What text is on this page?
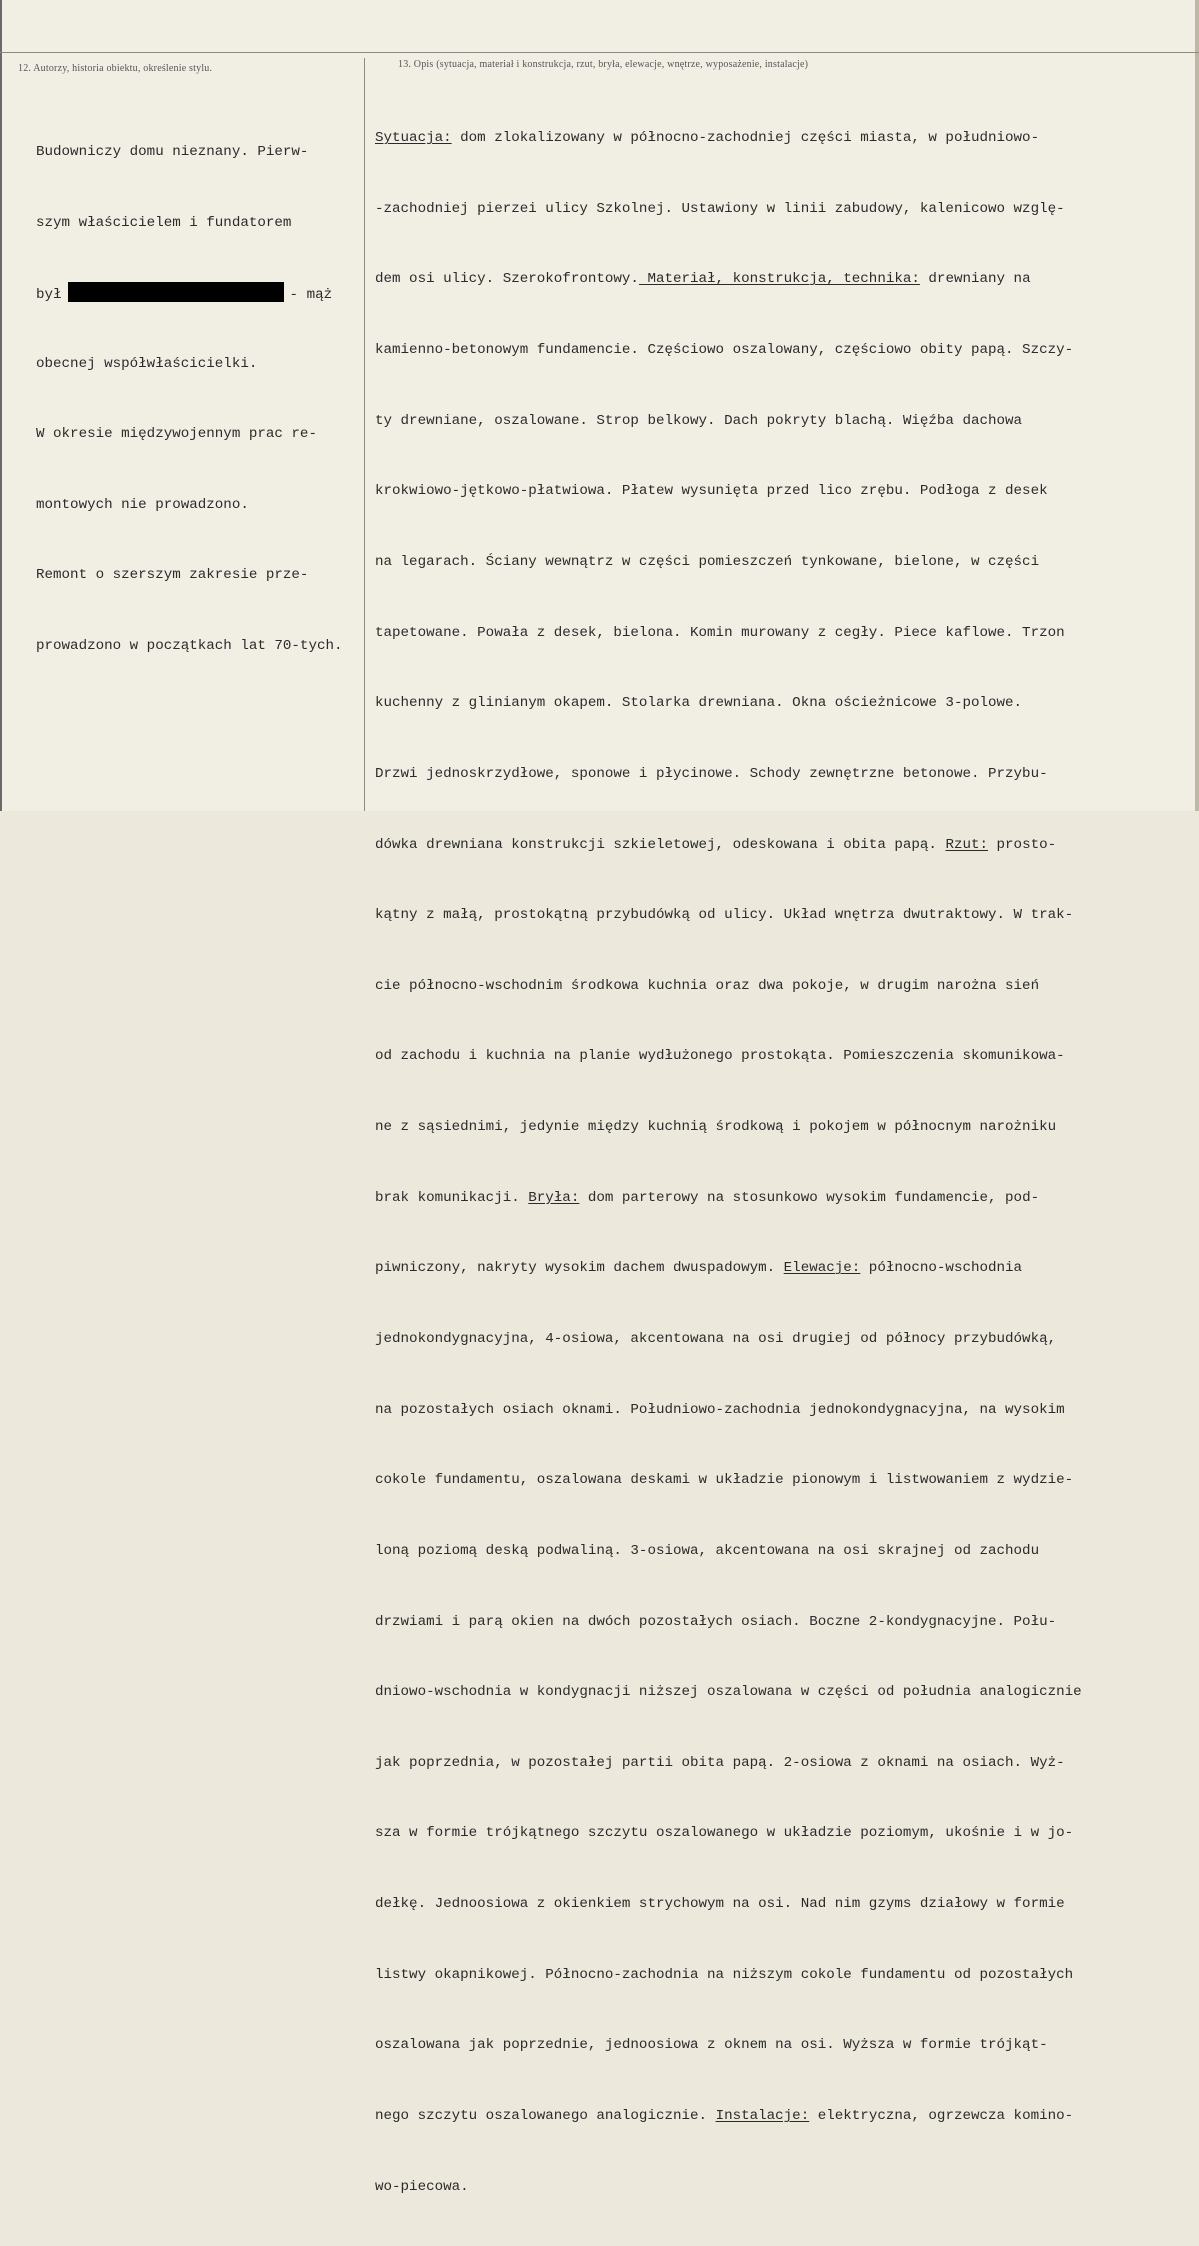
12. Autorzy, historia obiektu, określenie stylu.	13. Opis (sytuacja, materiał i konstrukcja, rzut, bryła, elewacje, wnętrze, wyposażenie, instalacje)

Budowniczy domu nieznany. Pierw-

szym właścicielem i fundatorem

był	- mąż

obecnej współwłaścicielki.

W okresie międzywojennym prac re-

montowych nie prowadzono.

Remont o szerszym zakresie prze-

prowadzono w początkach lat 70-tych.

Sytuacja: dom zlokalizowany w północno-zachodniej części miasta, w południowo-

-zachodniej pierzei ulicy Szkolnej. Ustawiony w linii zabudowy, kalenicowo wzglę-

dem osi ulicy. Szerokofrontowy. Materiał, konstrukcja, technika: drewniany na

kamienno-betonowym fundamencie. Częściowo oszalowany, częściowo obity papą. Szczy-

ty drewniane, oszalowane. Strop belkowy. Dach pokryty blachą. Więźba dachowa

krokwiowo-jętkowo-płatwiowa. Płatew wysunięta przed lico zrębu. Podłoga z desek

na legarach. Ściany wewnątrz w części pomieszczeń tynkowane, bielone, w części

tapetowane. Powała z desek, bielona. Komin murowany z cegły. Piece kaflowe. Trzon

kuchenny z glinianym okapem. Stolarka drewniana. Okna ościeżnicowe 3-polowe.

Drzwi jednoskrzydłowe, sponowe i płycinowe. Schody zewnętrzne betonowe. Przybu-

dówka drewniana konstrukcji szkieletowej, odeskowana i obita papą. Rzut: prosto-

kątny z małą, prostokątną przybudówką od ulicy. Układ wnętrza dwutraktowy. W trak-

cie północno-wschodnim środkowa kuchnia oraz dwa pokoje, w drugim narożna sień

od zachodu i kuchnia na planie wydłużonego prostokąta. Pomieszczenia skomunikowa-

ne z sąsiednimi, jedynie między kuchnią środkową i pokojem w północnym narożniku

brak komunikacji. Bryła: dom parterowy na stosunkowo wysokim fundamencie, pod-

piwniczony, nakryty wysokim dachem dwuspadowym. Elewacje: północno-wschodnia

jednokondygnacyjna, 4-osiowa, akcentowana na osi drugiej od północy przybudówką,

na pozostałych osiach oknami. Południowo-zachodnia jednokondygnacyjna, na wysokim

cokole fundamentu, oszalowana deskami w układzie pionowym i listwowaniem z wydzie-

loną poziomą deską podwaliną. 3-osiowa, akcentowana na osi skrajnej od zachodu

drzwiami i parą okien na dwóch pozostałych osiach. Boczne 2-kondygnacyjne. Połu-

dniowo-wschodnia w kondygnacji niższej oszalowana w części od południa analogicznie

jak poprzednia, w pozostałej partii obita papą. 2-osiowa z oknami na osiach. Wyż-

sza w formie trójkątnego szczytu oszalowanego w układzie poziomym, ukośnie i w jo-

dełkę. Jednoosiowa z okienkiem strychowym na osi. Nad nim gzyms działowy w formie

listwy okapnikowej. Północno-zachodnia na niższym cokole fundamentu od pozostałych

oszalowana jak poprzednie, jednoosiowa z oknem na osi. Wyższa w formie trójkąt-

nego szczytu oszalowanego analogicznie. Instalacje: elektryczna, ogrzewcza komino-

wo-piecowa.
